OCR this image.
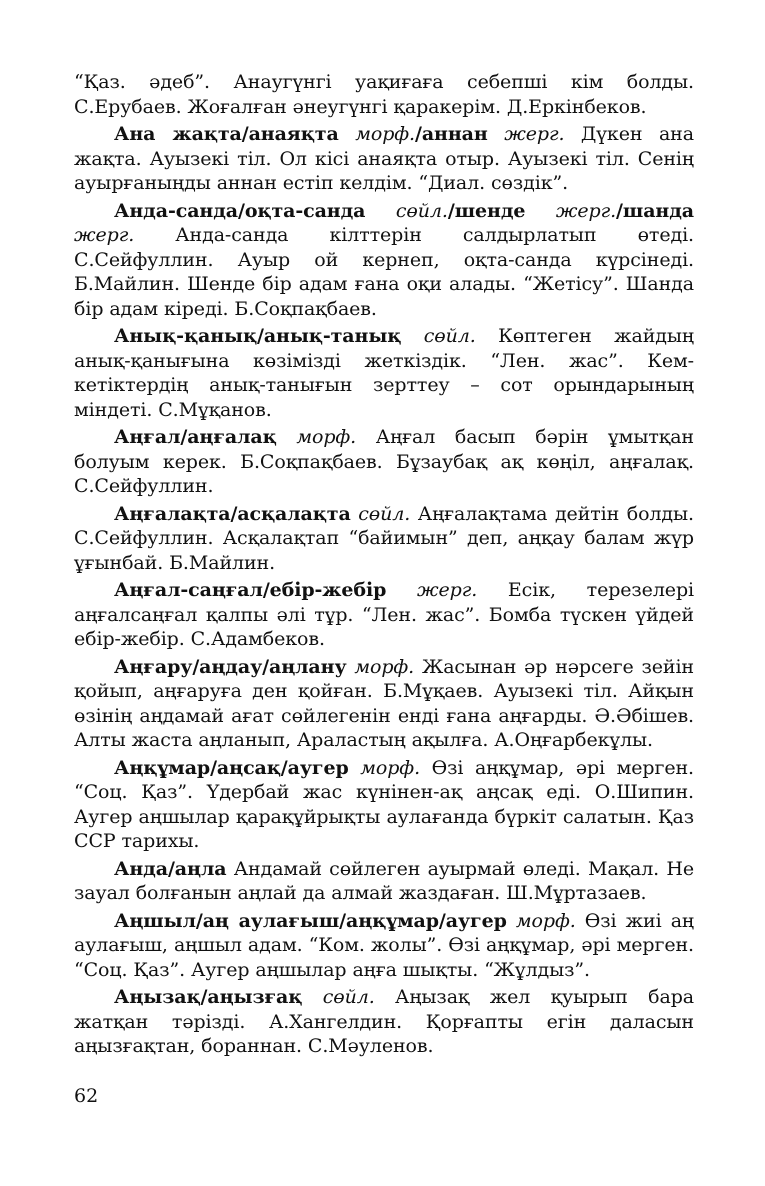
“Қаз. әдеб”. Анаугүнгі уақиғаға себепші кім болды. С.Ерубаев. Жоғалған әнеугүнгі қаракерім. Д.Еркінбеков.

Ана жақта/анаяқта морф./аннан жерг. Дүкен ана жақта. Ауызекі тіл. Ол кісі анаяқта отыр. Ауызекі тіл. Сенің ауырғаныңды аннан естіп келдім. “Диал. сөздік”.

Анда-санда/оқта-санда сөйл./шенде жерг./шанда жерг. Анда-санда кілттерін салдырлатып өтеді. С.Сейфуллин. Ауыр ой кернеп, оқта-санда күрсінеді. Б.Майлин. Шенде бір адам ғана оқи алады. “Жетісу”. Шанда бір адам кіреді. Б.Соқпақбаев.

Анық-қанық/анық-танық сөйл. Көптеген жайдың анық-қанығына көзімізді жеткіздік. “Лен. жас”. Кем-кетіктердің анық-танығын зерттеу – сот орындарының міндеті. С.Мұқанов.

Аңғал/аңғалақ морф. Аңғал басып бәрін ұмытқан болуым керек. Б.Соқпақбаев. Бұзаубақ ақ көңіл, аңғалақ. С.Сейфуллин.

Аңғалақта/асқалақта сөйл. Аңғалақтама дейтін болды. С.Сейфуллин. Асқалақтап “байимын” деп, аңқау балам жүр ұғынбай. Б.Майлин.

Аңғал-саңғал/ебір-жебір жерг. Есік, терезелері аңғалсаңғал қалпы әлі тұр. “Лен. жас”. Бомба түскен үйдей ебір-жебір. С.Адамбеков.

Аңғару/аңдау/аңлану морф. Жасынан әр нәрсеге зейін қойып, аңғаруға ден қойған. Б.Мұқаев. Ауызекі тіл. Айқын өзінің аңдамай ағат сөйлегенін енді ғана аңғарды. Ә.Әбішев. Алты жаста аңланып, Араластың ақылға. А.Оңғарбекұлы.

Аңқұмар/аңсақ/аугер морф. Өзі аңқұмар, әрі мерген. “Соц. Қаз”. Үдербай жас күнінен-ақ аңсақ еді. О.Шипин. Аугер аңшылар қарақұйрықты аулағанда бүркіт салатын. Қаз ССР тарихы.

Анда/аңла Андамай сөйлеген ауырмай өледі. Мақал. Не зауал болғанын аңлай да алмай жаздаған. Ш.Мұртазаев.

Аңшыл/аң аулағыш/аңқұмар/аугер морф. Өзі жиі аң аулағыш, аңшыл адам. “Ком. жолы”. Өзі аңқұмар, әрі мерген. “Соц. Қаз”. Аугер аңшылар аңға шықты. “Жұлдыз”.

Аңызақ/аңызғақ сөйл. Аңызақ жел қуырып бара жатқан тәрізді. А.Хангелдин. Қорғапты егін даласын аңызғақтан, бораннан. С.Мәуленов.

62
